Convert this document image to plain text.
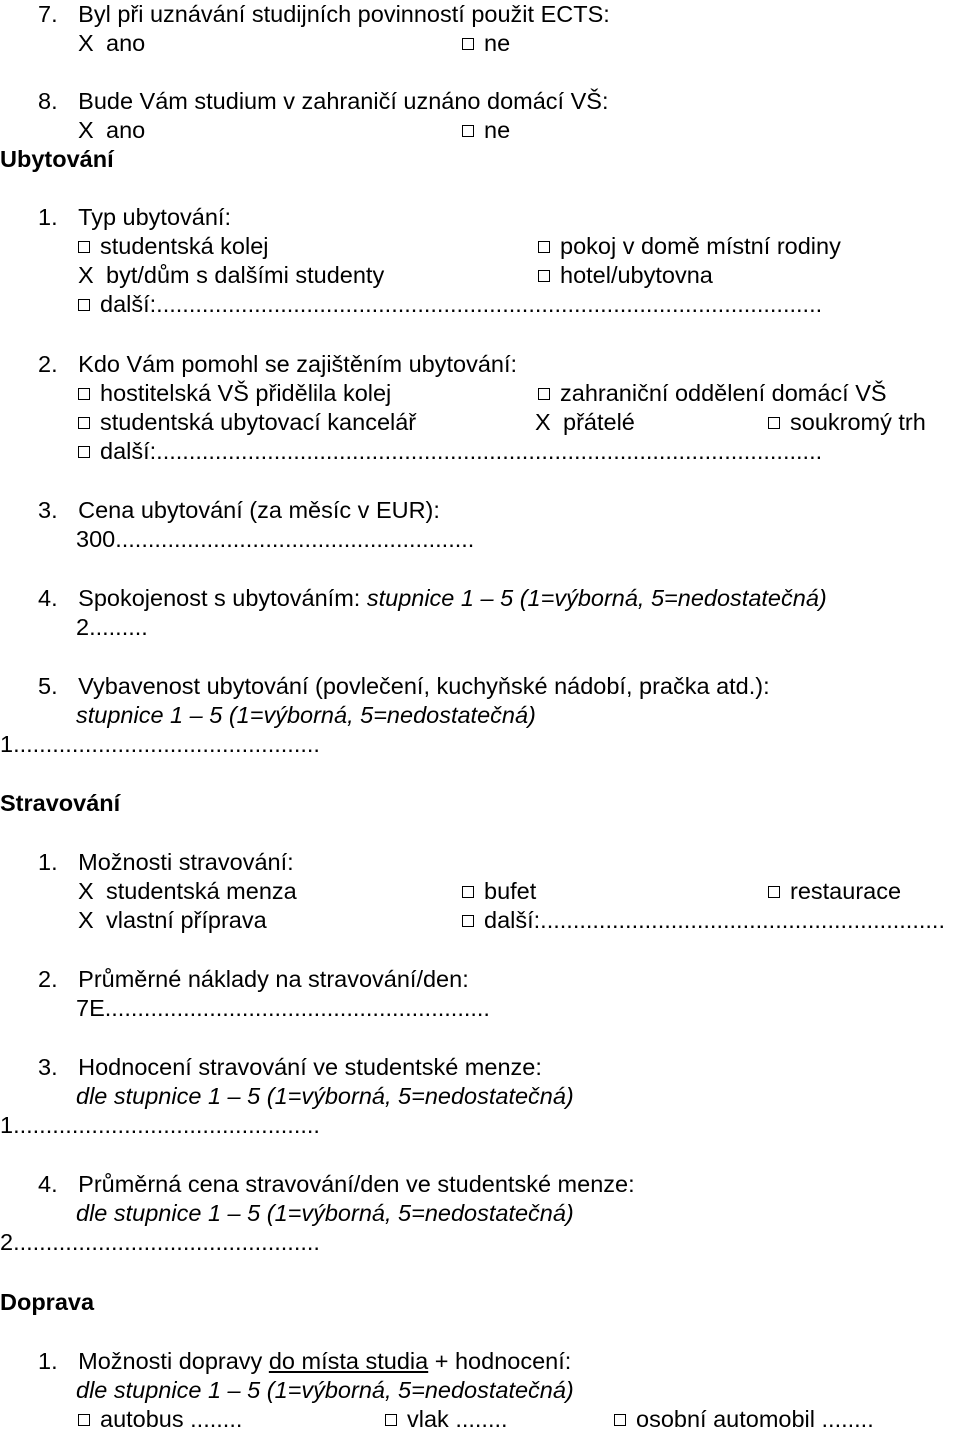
7. Byl při uznávání studijních povinností použit ECTS:
X ano	ne
8. Bude Vám studium v zahraničí uznáno domácí VŠ:
X ano	ne
Ubytování
1. Typ ubytování:
studentská kolej	pokoj v domě místní rodiny
X byt/dům s dalšími studenty	hotel/ubytovna
další:......................................................................................................
2. Kdo Vám pomohl se zajištěním ubytování:
hostitelská VŠ přidělila kolej	zahraniční oddělení domácí VŠ
studentská ubytovací kancelář	X přátelé	soukromý trh
další:......................................................................................................
3. Cena ubytování (za měsíc v EUR):
300.......................................................
4. Spokojenost s ubytováním: stupnice 1 – 5 (1=výborná, 5=nedostatečná)
2.........
5. Vybavenost ubytování (povlečení, kuchyňské nádobí, pračka atd.):
stupnice 1 – 5 (1=výborná, 5=nedostatečná)
1...............................................
Stravování
1. Možnosti stravování:
X studentská menza	bufet	restaurace
X vlastní příprava	další:..............................................................
2. Průměrné náklady na stravování/den:
7E...........................................................
3. Hodnocení stravování ve studentské menze:
dle stupnice 1 – 5 (1=výborná, 5=nedostatečná)
1...............................................
4. Průměrná cena stravování/den ve studentské menze:
dle stupnice 1 – 5 (1=výborná, 5=nedostatečná)
2...............................................
Doprava
1. Možnosti dopravy do místa studia + hodnocení:
dle stupnice 1 – 5 (1=výborná, 5=nedostatečná)
autobus ........	vlak ........	osobní automobil ........
